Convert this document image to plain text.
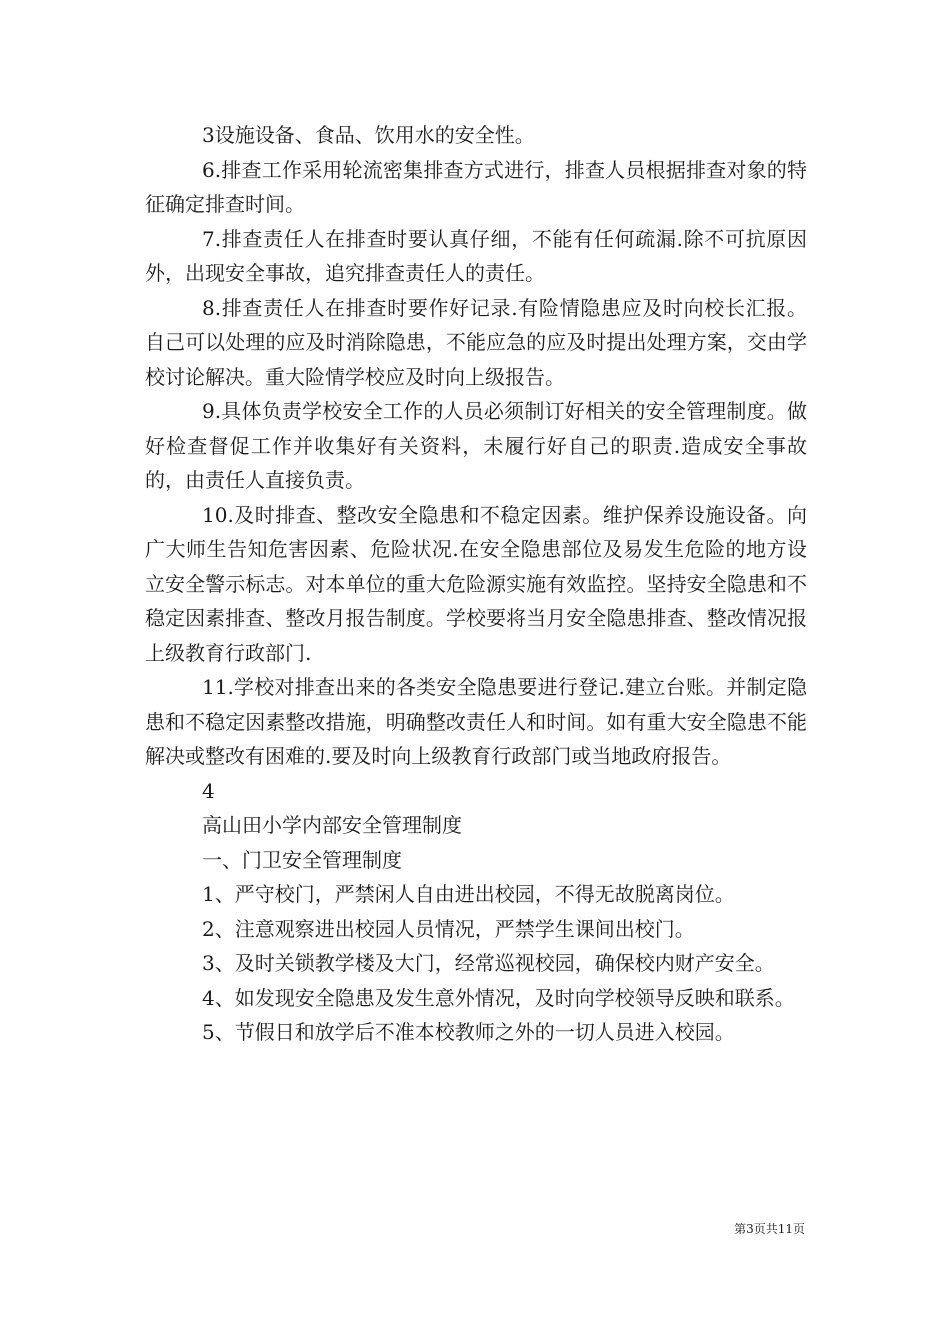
3设施设备、食品、饮用水的安全性。

6.排查工作采用轮流密集排查方式进行，排查人员根据排查对象的特征确定排查时间。

7.排查责任人在排查时要认真仔细，不能有任何疏漏.除不可抗原因外，出现安全事故，追究排查责任人的责任。

8.排查责任人在排查时要作好记录.有险情隐患应及时向校长汇报。自己可以处理的应及时消除隐患，不能应急的应及时提出处理方案，交由学校讨论解决。重大险情学校应及时向上级报告。

9.具体负责学校安全工作的人员必须制订好相关的安全管理制度。做好检查督促工作并收集好有关资料，未履行好自己的职责.造成安全事故的，由责任人直接负责。

10.及时排查、整改安全隐患和不稳定因素。维护保养设施设备。向广大师生告知危害因素、危险状况.在安全隐患部位及易发生危险的地方设立安全警示标志。对本单位的重大危险源实施有效监控。坚持安全隐患和不稳定因素排查、整改月报告制度。学校要将当月安全隐患排查、整改情况报上级教育行政部门.

11.学校对排查出来的各类安全隐患要进行登记.建立台账。并制定隐患和不稳定因素整改措施，明确整改责任人和时间。如有重大安全隐患不能解决或整改有困难的.要及时向上级教育行政部门或当地政府报告。

4

高山田小学内部安全管理制度

一、门卫安全管理制度

1、严守校门，严禁闲人自由进出校园，不得无故脱离岗位。

2、注意观察进出校园人员情况，严禁学生课间出校门。

3、及时关锁教学楼及大门，经常巡视校园，确保校内财产安全。

4、如发现安全隐患及发生意外情况，及时向学校领导反映和联系。

5、节假日和放学后不准本校教师之外的一切人员进入校园。

第3页共11页
